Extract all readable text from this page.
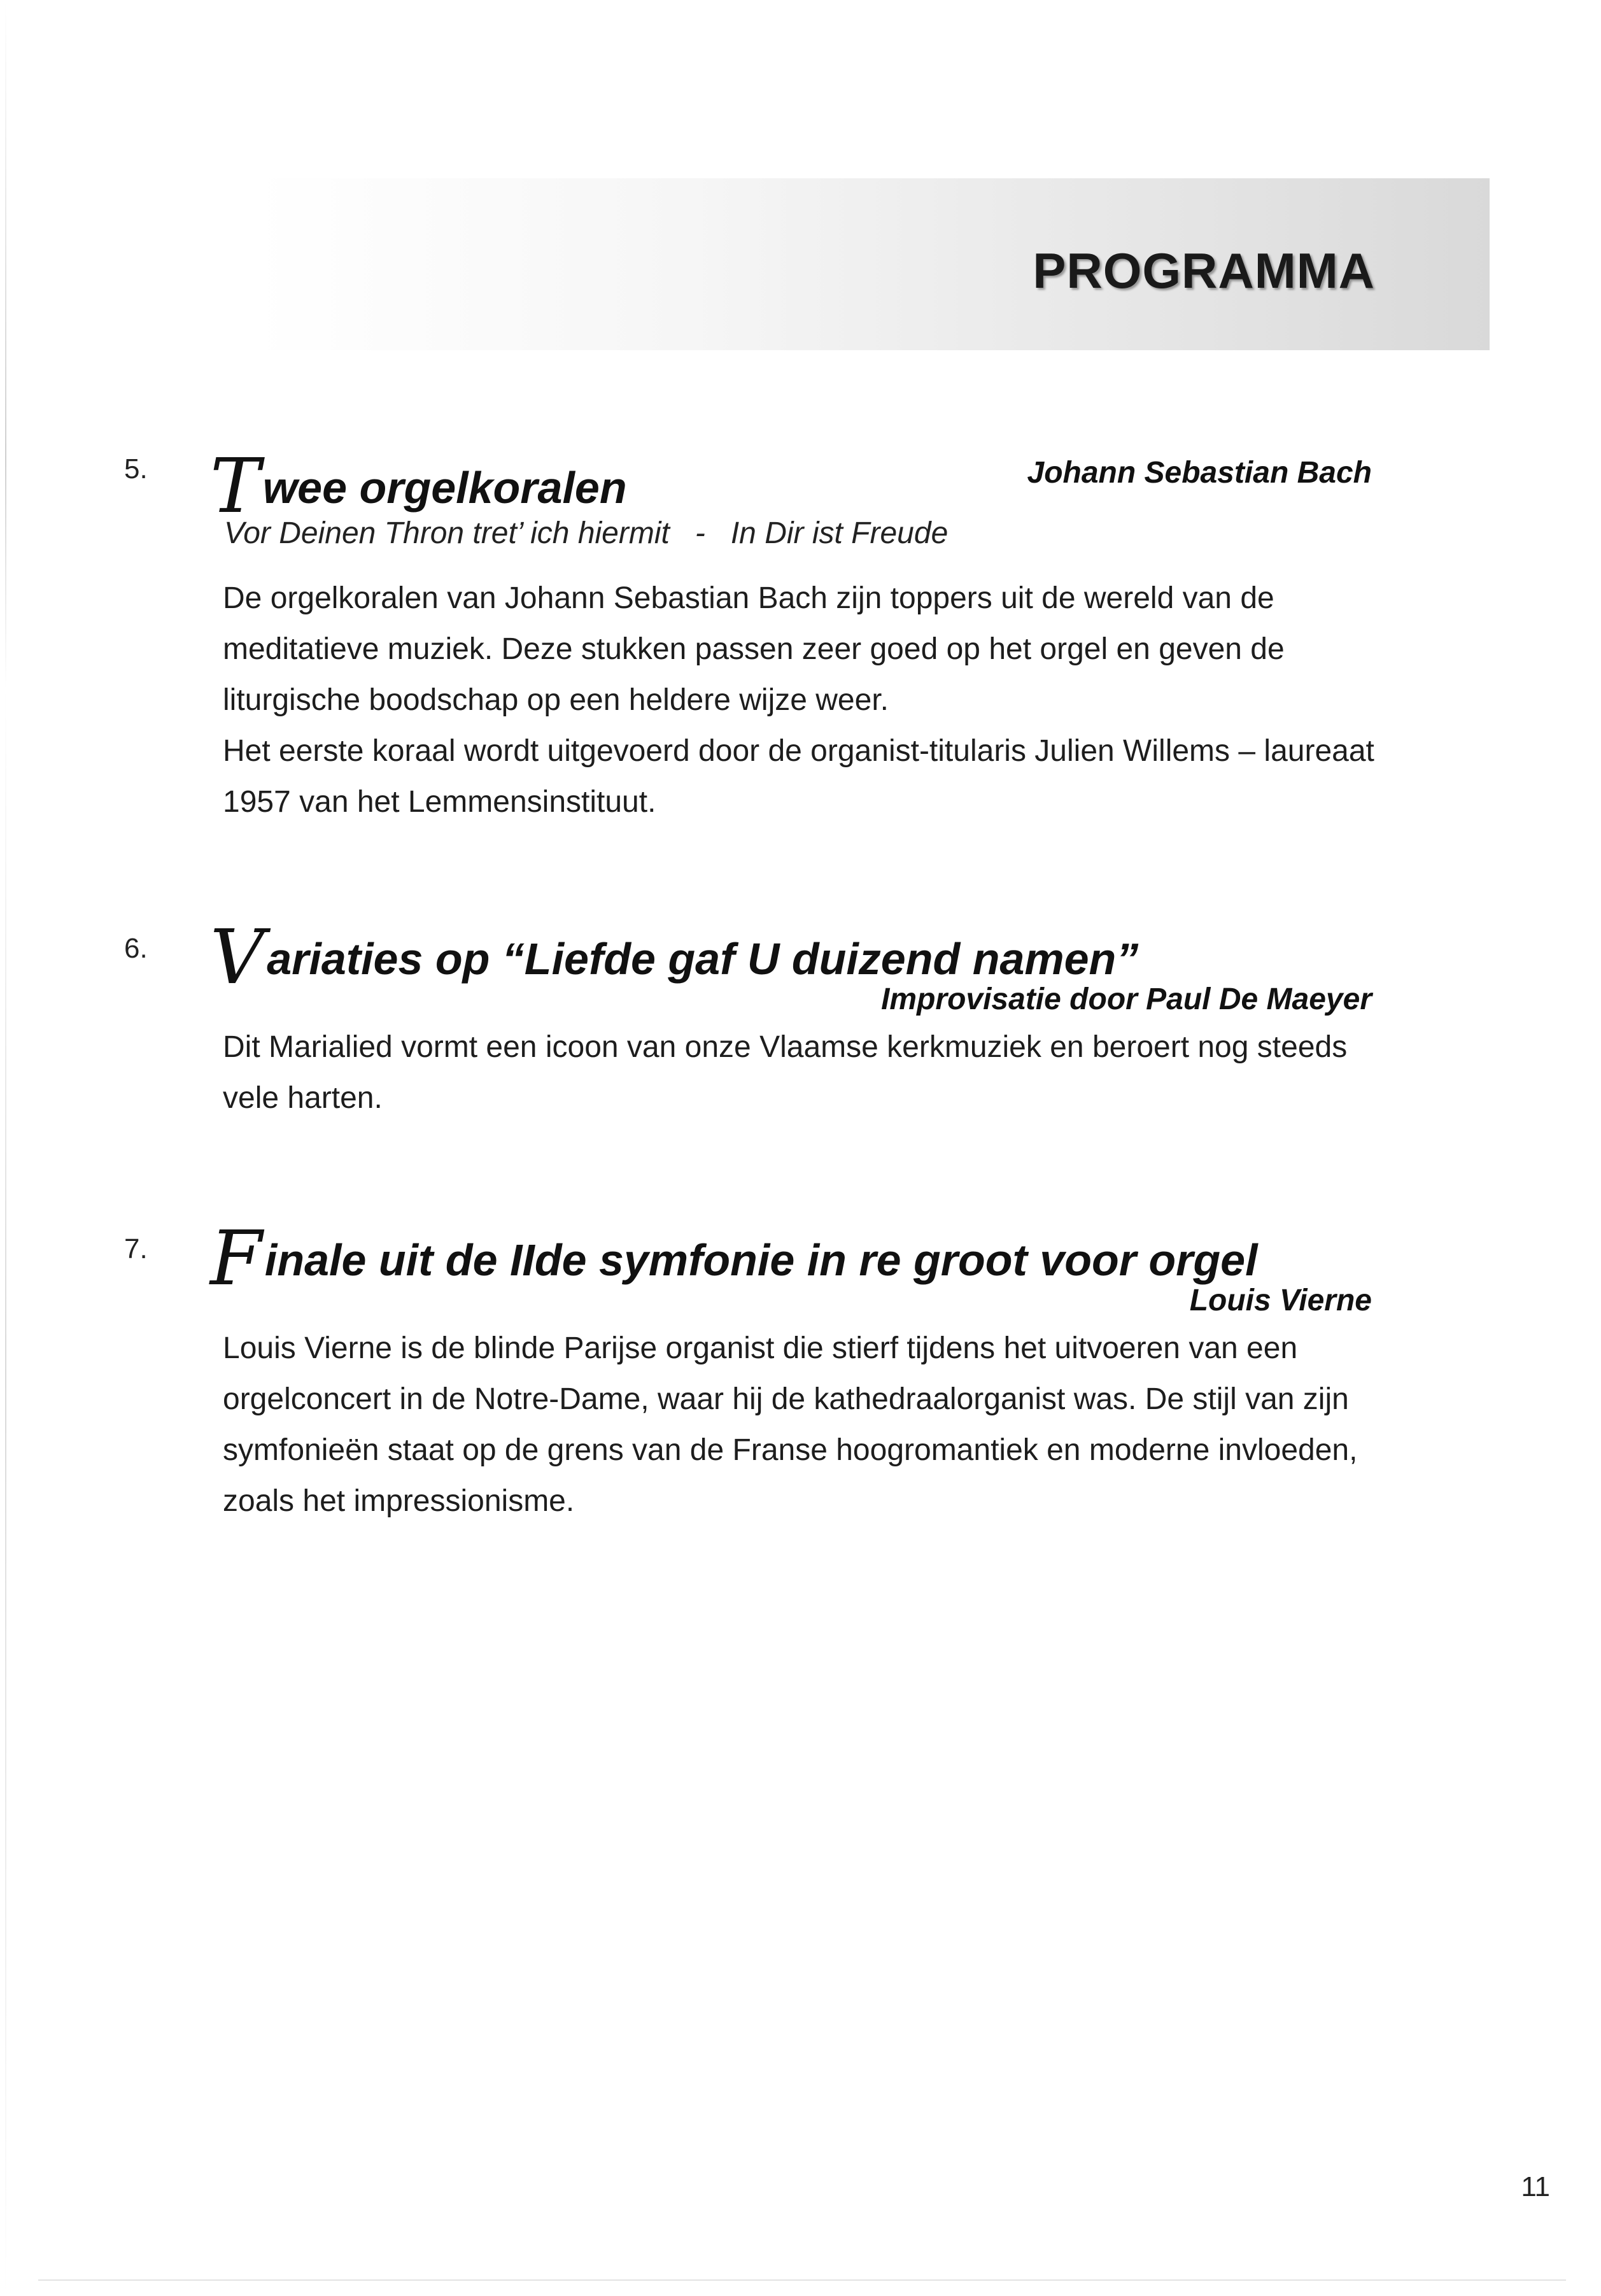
PROGRAMMA
5. Twee orgelkoralen	Johann Sebastian Bach
Vor Deinen Thron tret’ ich hiermit - In Dir ist Freude

De orgelkoralen van Johann Sebastian Bach zijn toppers uit de wereld van de meditatieve muziek. Deze stukken passen zeer goed op het orgel en geven de liturgische boodschap op een heldere wijze weer.

Het eerste koraal wordt uitgevoerd door de organist-titularis Julien Willems – laureaat 1957 van het Lemmensinstituut.

6. Variaties op “Liefde gaf U duizend namen”
Improvisatie door Paul De Maeyer

Dit Marialied vormt een icoon van onze Vlaamse kerkmuziek en beroert nog steeds vele harten.

7. Finale uit de IIde symfonie in re groot voor orgel
Louis Vierne

Louis Vierne is de blinde Parijse organist die stierf tijdens het uitvoeren van een orgelconcert in de Notre-Dame, waar hij de kathedraalorganist was. De stijl van zijn symfonieën staat op de grens van de Franse hoogromantiek en moderne invloeden, zoals het impressionisme.

11
